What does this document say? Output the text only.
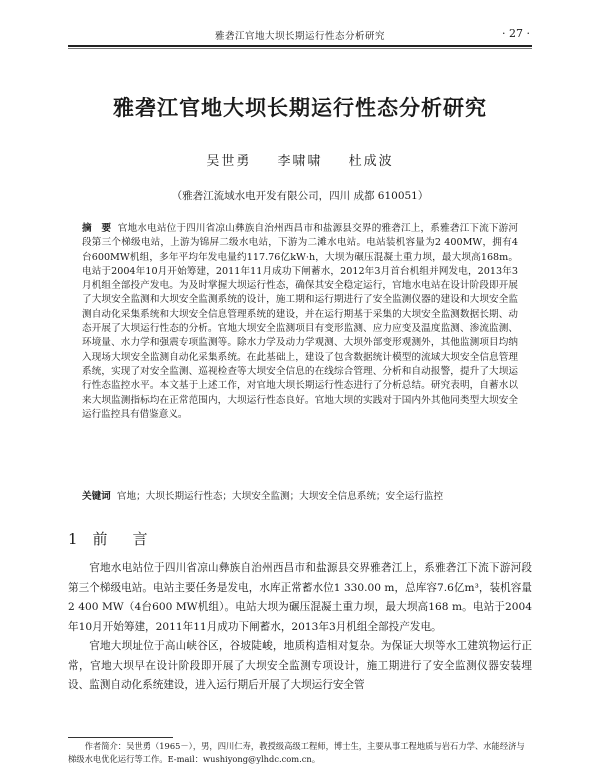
雅砻江官地大坝长期运行性态分析研究	· 27 ·
雅砻江官地大坝长期运行性态分析研究
吴世勇 李啸啸 杜成波
（雅砻江流域水电开发有限公司，四川 成都 610051）

摘　要 官地水电站位于四川省凉山彝族自治州西昌市和盐源县交界的雅砻江上，系雅砻江下流下游河段第三个梯级电站，上游为锦屏二级水电站，下游为二滩水电站。电站装机容量为2 400MW，拥有4台600MW机组，多年平均年发电量约117.76亿kW·h，大坝为碾压混凝土重力坝，最大坝高168m。电站于2004年10月开始筹建，2011年11月成功下闸蓄水，2012年3月首台机组并网发电，2013年3月机组全部投产发电。为及时掌握大坝运行性态，确保其安全稳定运行，官地水电站在设计阶段即开展了大坝安全监测和大坝安全监测系统的设计，施工期和运行期进行了安全监测仪器的建设和大坝安全监测自动化采集系统和大坝安全信息管理系统的建设，并在运行期基于采集的大坝安全监测数据长期、动态开展了大坝运行性态的分析。官地大坝安全监测项目有变形监测、应力应变及温度监测、渗流监测、环境量、水力学和强震专项监测等。除水力学及动力学观测、大坝外部变形观测外，其他监测项目均纳入现场大坝安全监测自动化采集系统。在此基础上，建设了包含数据统计模型的流域大坝安全信息管理系统，实现了对安全监测、巡视检查等大坝安全信息的在线综合管理、分析和自动报警，提升了大坝运行性态监控水平。本文基于上述工作，对官地大坝长期运行性态进行了分析总结。研究表明，自蓄水以来大坝监测指标均在正常范围内，大坝运行性态良好。官地大坝的实践对于国内外其他同类型大坝安全运行监控具有借鉴意义。

关键词 官地；大坝长期运行性态；大坝安全监测；大坝安全信息系统；安全运行监控

1 前　言

官地水电站位于四川省凉山彝族自治州西昌市和盐源县交界雅砻江上，系雅砻江下流下游河段第三个梯级电站。电站主要任务是发电，水库正常蓄水位1 330.00 m，总库容7.6亿m³，装机容量2 400 MW（4台600 MW机组）。电站大坝为碾压混凝土重力坝，最大坝高168 m。电站于2004年10月开始筹建，2011年11月成功下闸蓄水，2013年3月机组全部投产发电。

官地大坝址位于高山峡谷区，谷坡陡峻，地质构造相对复杂。为保证大坝等水工建筑物运行正常，官地大坝早在设计阶段即开展了大坝安全监测专项设计，施工期进行了安全监测仪器安装埋设、监测自动化系统建设，进入运行期后开展了大坝运行安全管

作者简介：吴世勇（1965－），男，四川仁寿，教授级高级工程师，博士生，主要从事工程地质与岩石力学、水能经济与梯级水电优化运行等工作。E-mail：wushiyong@ylhdc.com.cn。
